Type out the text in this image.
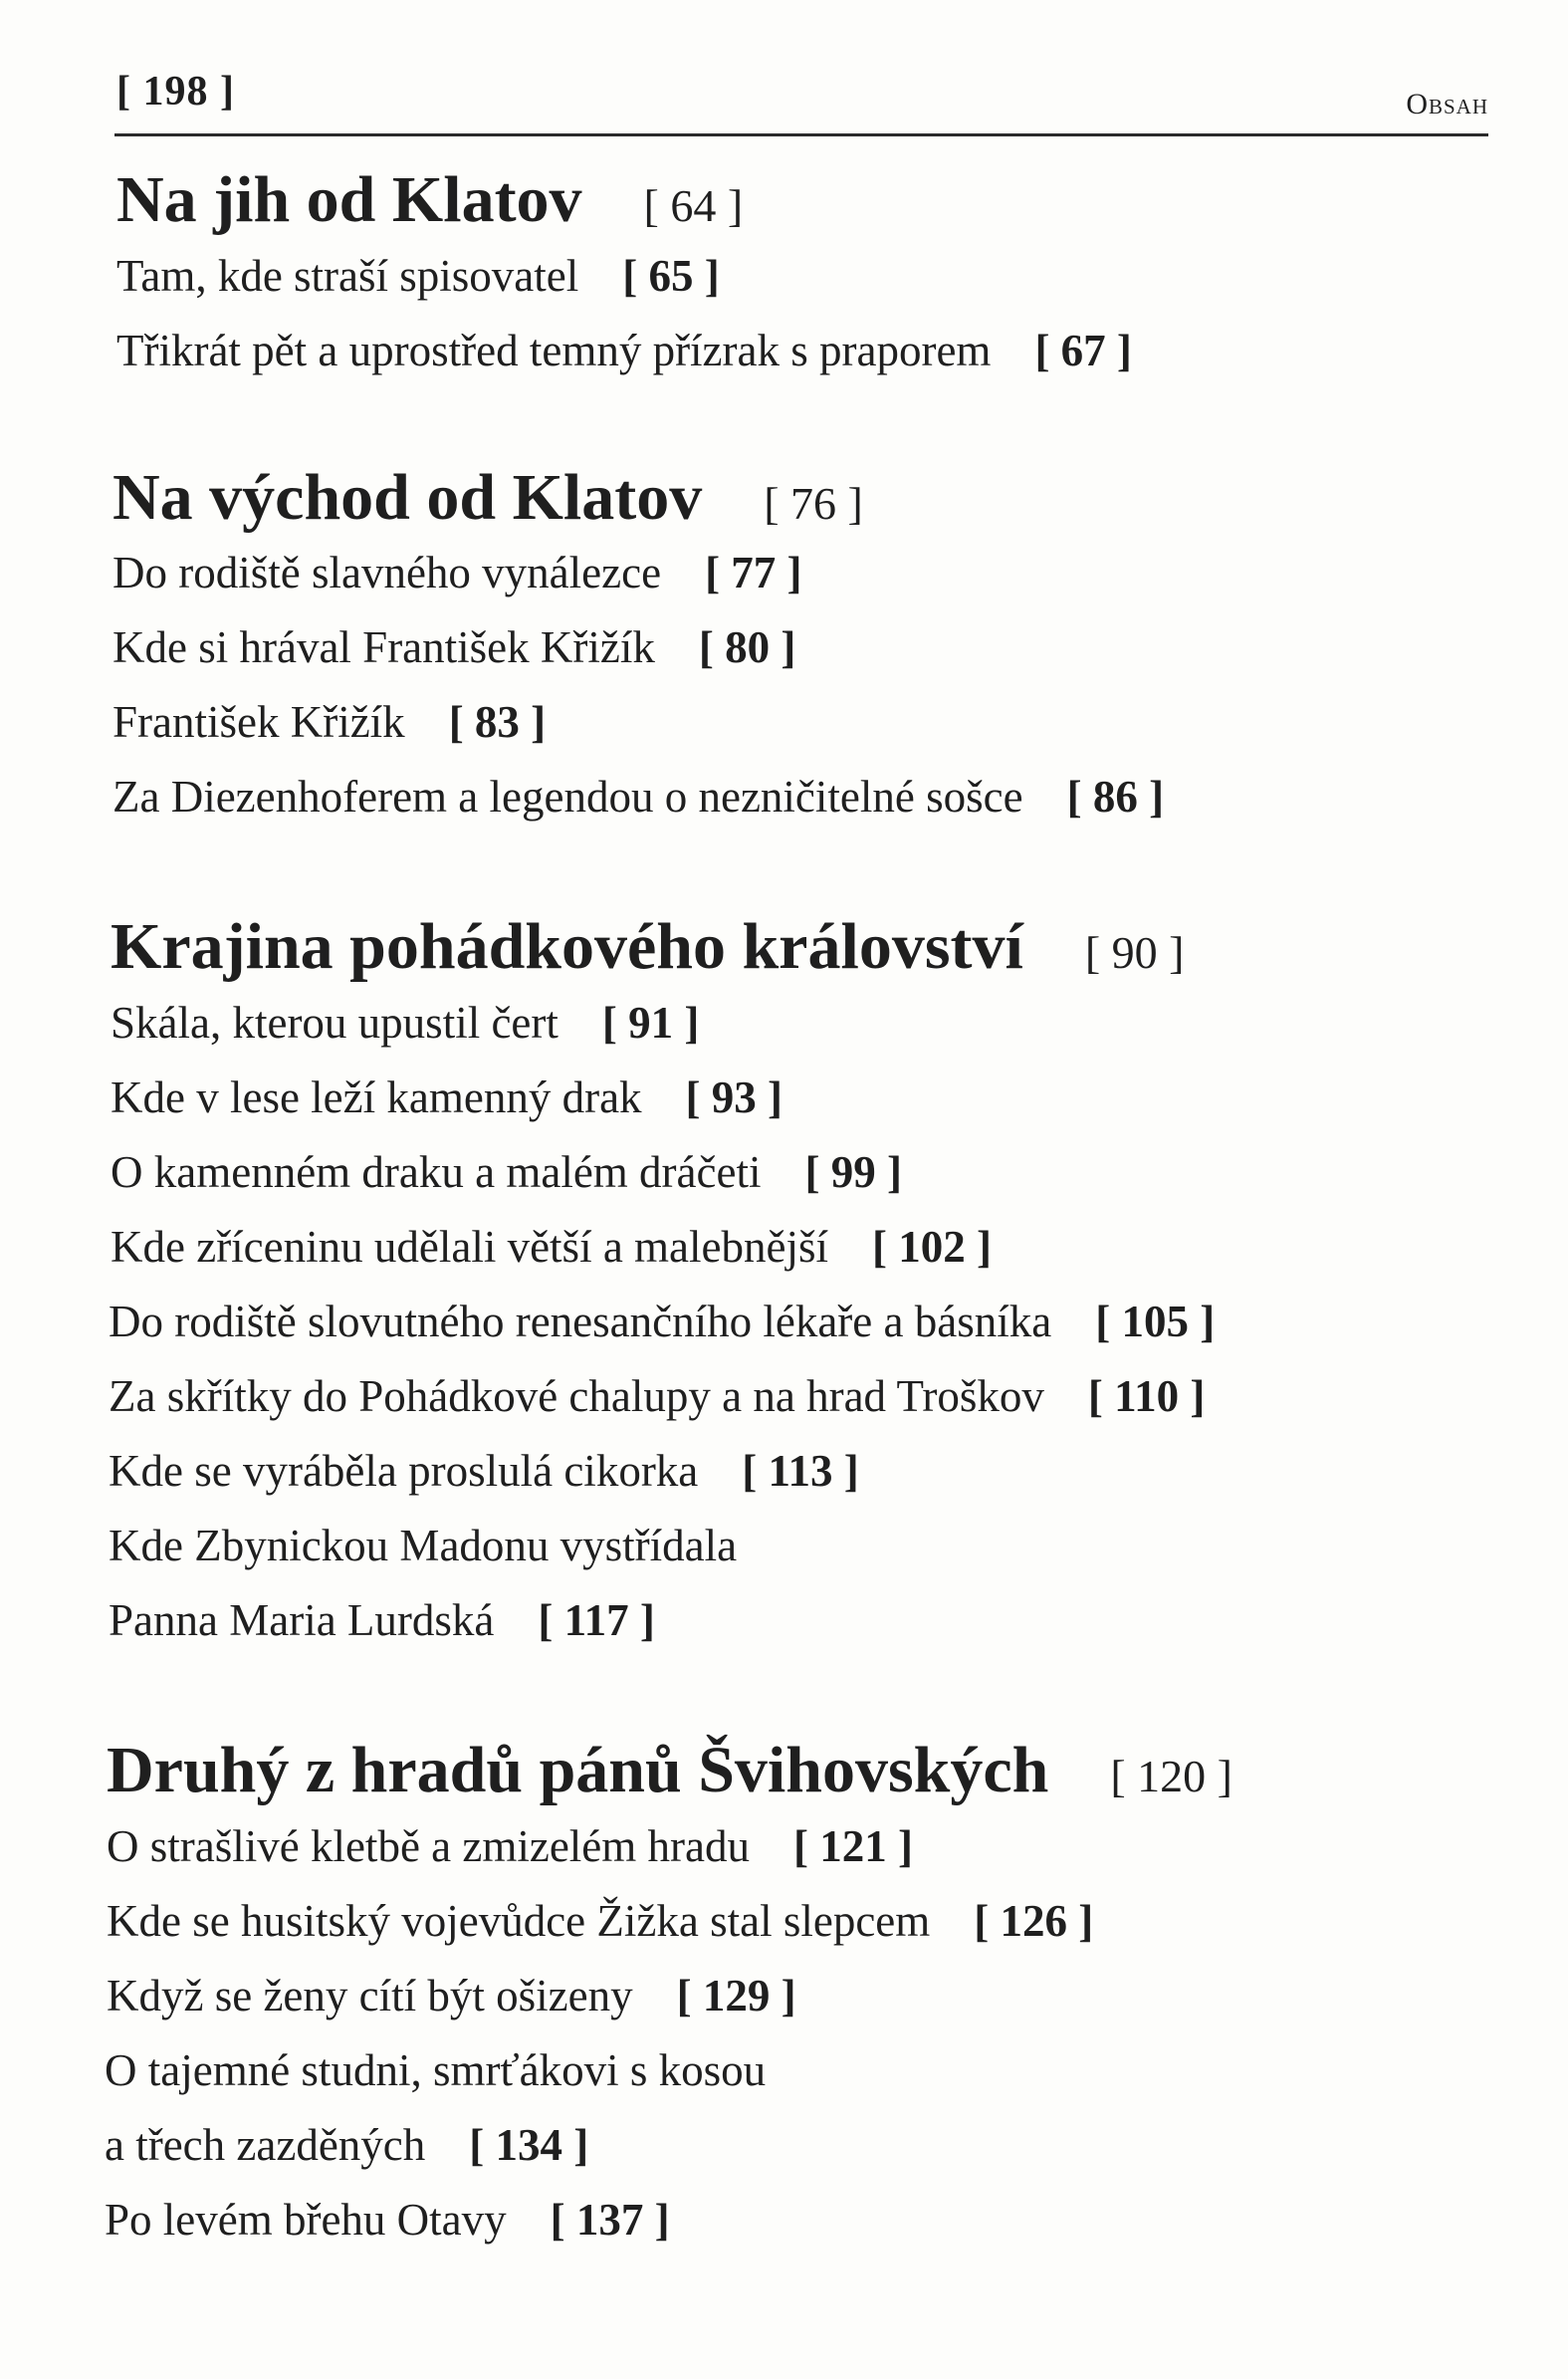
[ 198 ]	Obsah
Na jih od Klatov [ 64 ]
Tam, kde straší spisovatel [ 65 ]
Třikrát pět a uprostřed temný přízrak s praporem [ 67 ]
Na východ od Klatov [ 76 ]
Do rodiště slavného vynálezce [ 77 ]
Kde si hrával František Křižík [ 80 ]
František Křižík [ 83 ]
Za Diezenhoferem a legendou o nezničitelné sošce [ 86 ]
Krajina pohádkového království [ 90 ]
Skála, kterou upustil čert [ 91 ]
Kde v lese leží kamenný drak [ 93 ]
O kamenném draku a malém dráčeti [ 99 ]
Kde zříceninu udělali větší a malebnější [ 102 ]
Do rodiště slovutného renesančního lékaře a básníka [ 105 ]
Za skřítky do Pohádkové chalupy a na hrad Troškov [ 110 ]
Kde se vyráběla proslulá cikorka [ 113 ]
Kde Zbynickou Madonu vystřídala
Panna Maria Lurdská [ 117 ]
Druhý z hradů pánů Švihovských [ 120 ]
O strašlivé kletbě a zmizelém hradu [ 121 ]
Kde se husitský vojevůdce Žižka stal slepcem [ 126 ]
Když se ženy cítí být ošizeny [ 129 ]
O tajemné studni, smrťákovi s kosou
a třech zazděných [ 134 ]
Po levém břehu Otavy [ 137 ]
